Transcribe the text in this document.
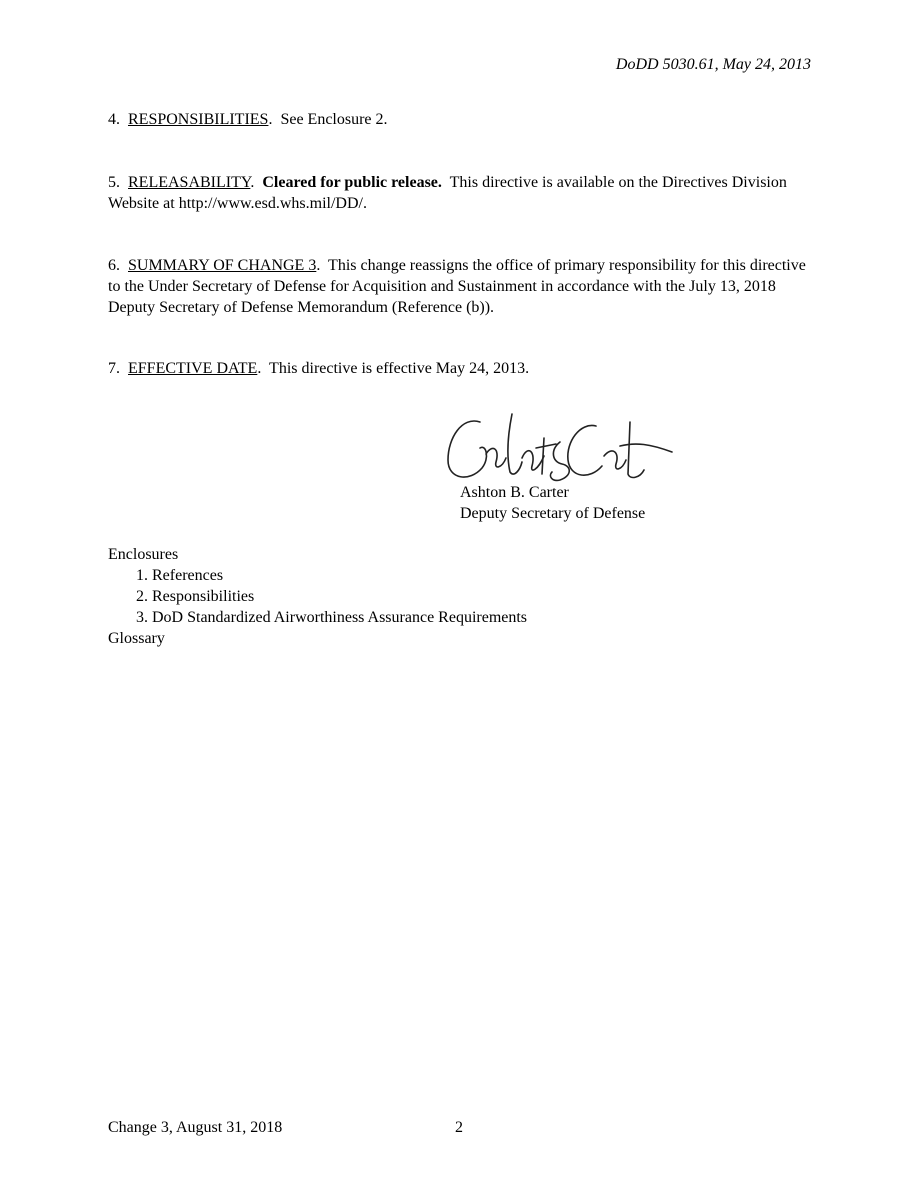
DoDD 5030.61, May 24, 2013
4. RESPONSIBILITIES.  See Enclosure 2.
5. RELEASABILITY.  Cleared for public release. This directive is available on the Directives Division Website at http://www.esd.whs.mil/DD/.
6. SUMMARY OF CHANGE 3.  This change reassigns the office of primary responsibility for this directive to the Under Secretary of Defense for Acquisition and Sustainment in accordance with the July 13, 2018 Deputy Secretary of Defense Memorandum (Reference (b)).
7. EFFECTIVE DATE.  This directive is effective May 24, 2013.
Ashton B. Carter
Deputy Secretary of Defense
Enclosures
1. References
2. Responsibilities
3. DoD Standardized Airworthiness Assurance Requirements
Glossary
Change 3, August 31, 2018	2
